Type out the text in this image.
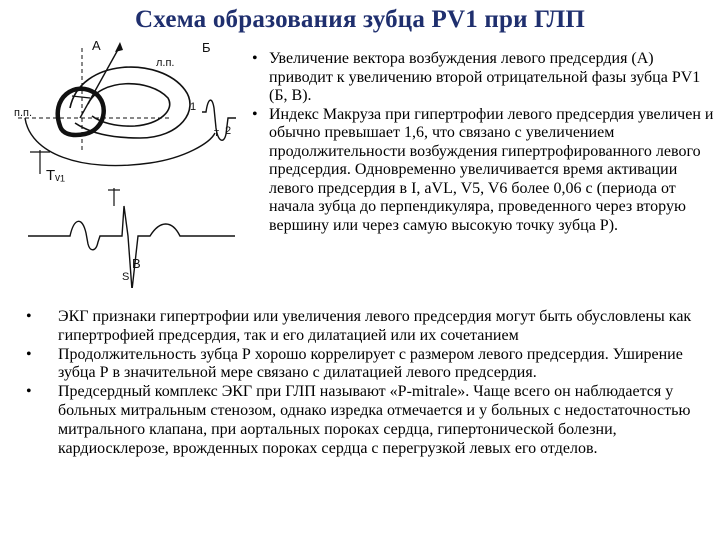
Схема образования зубца PV1 при ГЛП
А	Б
л.п.
п.п.	1
т 2
Тᵥ₁
S
В
• Увеличение вектора возбуждения левого предсердия (А) приводит к увеличению второй отрицательной фазы зубца PV1 (Б, В).
• Индекс Макруза при гипертрофии левого предсердия увеличен и обычно превышает 1,6, что связано с увеличением продолжительности возбуждения гипертрофированного левого предсердия. Одновременно увеличивается время активации левого предсердия в I, aVL, V5, V6 более 0,06 с (периода от начала зубца до перпендикуляра, проведенного через вторую вершину или через самую высокую точку зубца Р).
• ЭКГ признаки гипертрофии или увеличения левого предсердия могут быть обусловлены как гипертрофией предсердия, так и его дилатацией или их сочетанием
• Продолжительность зубца Р хорошо коррелирует с размером левого предсердия. Уширение зубца Р в значительной мере связано с дилатацией левого предсердия.
• Предсердный комплекс ЭКГ при ГЛП называют «P-mitrale». Чаще всего он наблюдается у больных митральным стенозом, однако изредка отмечается и у больных с недостаточностью митрального клапана, при аортальных пороках сердца, гипертонической болезни, кардиосклерозе, врожденных пороках сердца с перегрузкой левых его отделов.
